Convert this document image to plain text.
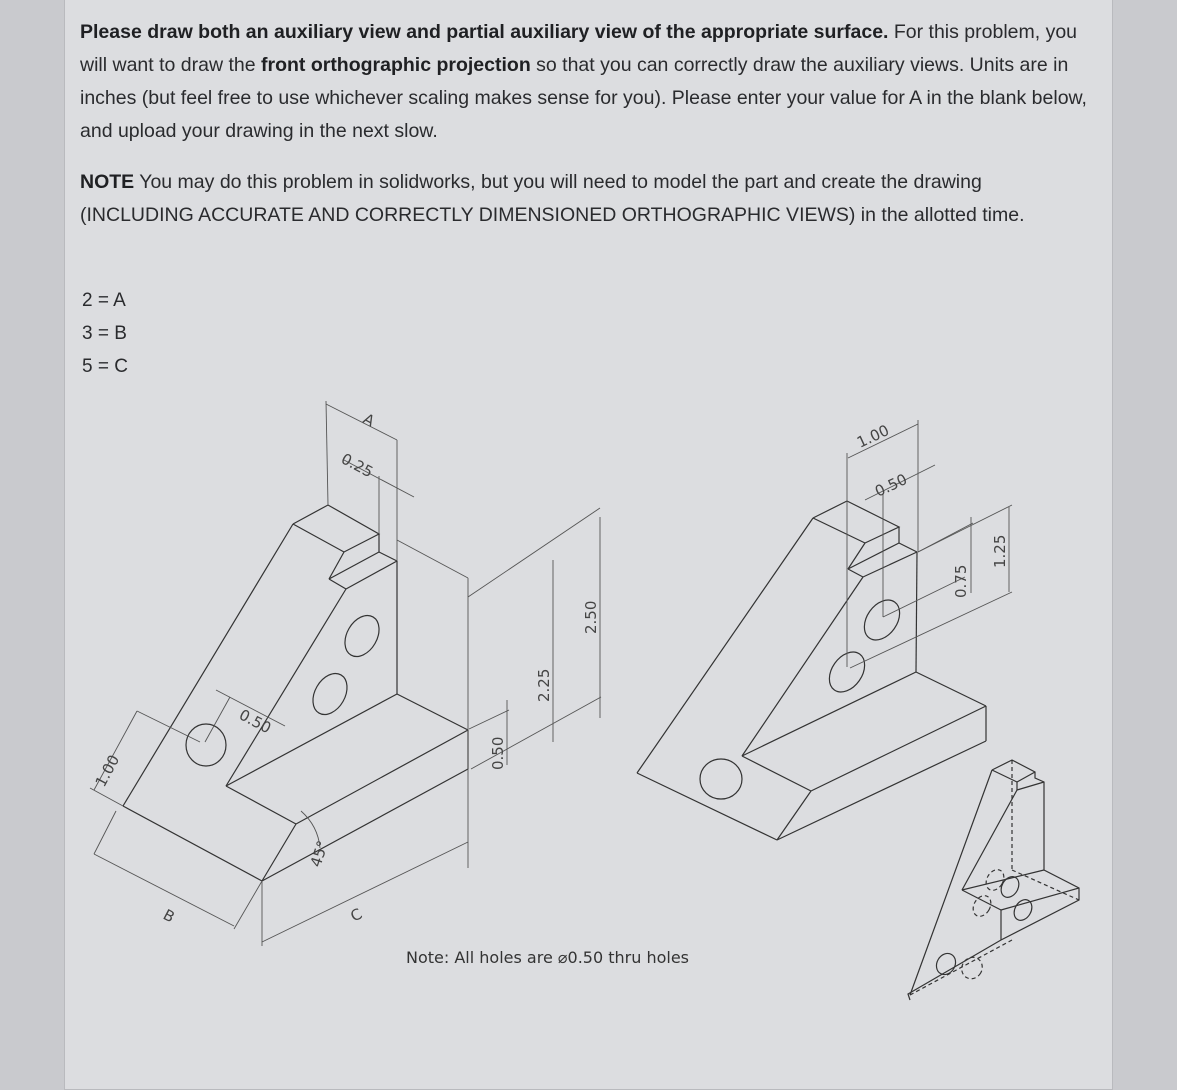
Please draw both an auxiliary view and partial auxiliary view of the appropriate surface. For this problem, you will want to draw the front orthographic projection so that you can correctly draw the auxiliary views. Units are in inches (but feel free to use whichever scaling makes sense for you). Please enter your value for A in the blank below, and upload your drawing in the next slow.
NOTE You may do this problem in solidworks, but you will need to model the part and create the drawing (INCLUDING ACCURATE AND CORRECTLY DIMENSIONED ORTHOGRAPHIC VIEWS) in the allotted time.
2 = A
3 = B
5 = C
A
0.25
2.50
2.25
0.50
0.50
1.00
B	C
45°
1.00
0.50
0.75
1.25
Note: All holes are ⌀0.50 thru holes
